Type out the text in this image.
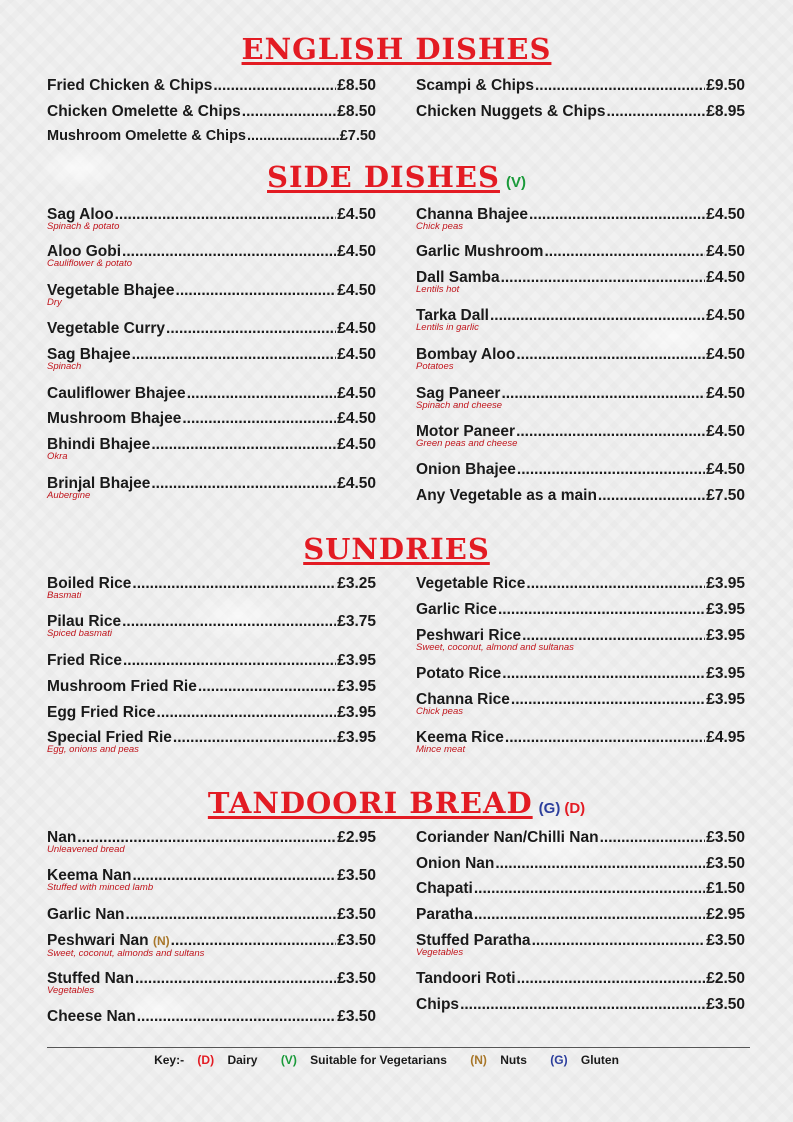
ENGLISH DISHES
Fried Chicken & Chips .....	£8.50
Chicken Omelette & Chips .....	£8.50
Mushroom Omelette & Chips .....	£7.50
Scampi & Chips .....	£9.50
Chicken Nuggets & Chips .....	£8.95
SIDE DISHES (V)
Sag Aloo .....	£4.50
Spinach & potato
Aloo Gobi .....	£4.50
Cauliflower & potato
Vegetable Bhajee .....	£4.50
Dry
Vegetable Curry .....	£4.50
Sag Bhajee .....	£4.50
Spinach
Cauliflower Bhajee .....	£4.50
Mushroom Bhajee .....	£4.50
Bhindi Bhajee .....	£4.50
Okra
Brinjal Bhajee .....	£4.50
Aubergine
Channa Bhajee .....	£4.50
Chick peas
Garlic Mushroom .....	£4.50
Dall Samba .....	£4.50
Lentils hot
Tarka Dall .....	£4.50
Lentils in garlic
Bombay Aloo .....	£4.50
Potatoes
Sag Paneer .....	£4.50
Spinach and cheese
Motor Paneer .....	£4.50
Green peas and cheese
Onion Bhajee .....	£4.50
Any Vegetable as a main .....	£7.50
SUNDRIES
Boiled Rice .....	£3.25
Basmati
Pilau Rice .....	£3.75
Spiced basmati
Fried Rice .....	£3.95
Mushroom Fried Rie .....	£3.95
Egg Fried Rice .....	£3.95
Special Fried Rie .....	£3.95
Egg, onions and peas
Vegetable Rice .....	£3.95
Garlic Rice .....	£3.95
Peshwari Rice .....	£3.95
Sweet, coconut, almond and sultanas
Potato Rice .....	£3.95
Channa Rice .....	£3.95
Chick peas
Keema Rice .....	£4.95
Mince meat
TANDOORI BREAD (G) (D)
Nan .....	£2.95
Unleavened bread
Keema Nan .....	£3.50
Stuffed with minced lamb
Garlic Nan .....	£3.50
Peshwari Nan (N) .....	£3.50
Sweet, coconut, almonds and sultans
Stuffed Nan .....	£3.50
Vegetables
Cheese Nan .....	£3.50
Coriander Nan/Chilli Nan .....	£3.50
Onion Nan .....	£3.50
Chapati .....	£1.50
Paratha .....	£2.95
Stuffed Paratha .....	£3.50
Vegetables
Tandoori Roti .....	£2.50
Chips .....	£3.50
Key:- (D) Dairy (V) Suitable for Vegetarians (N) Nuts (G) Gluten
